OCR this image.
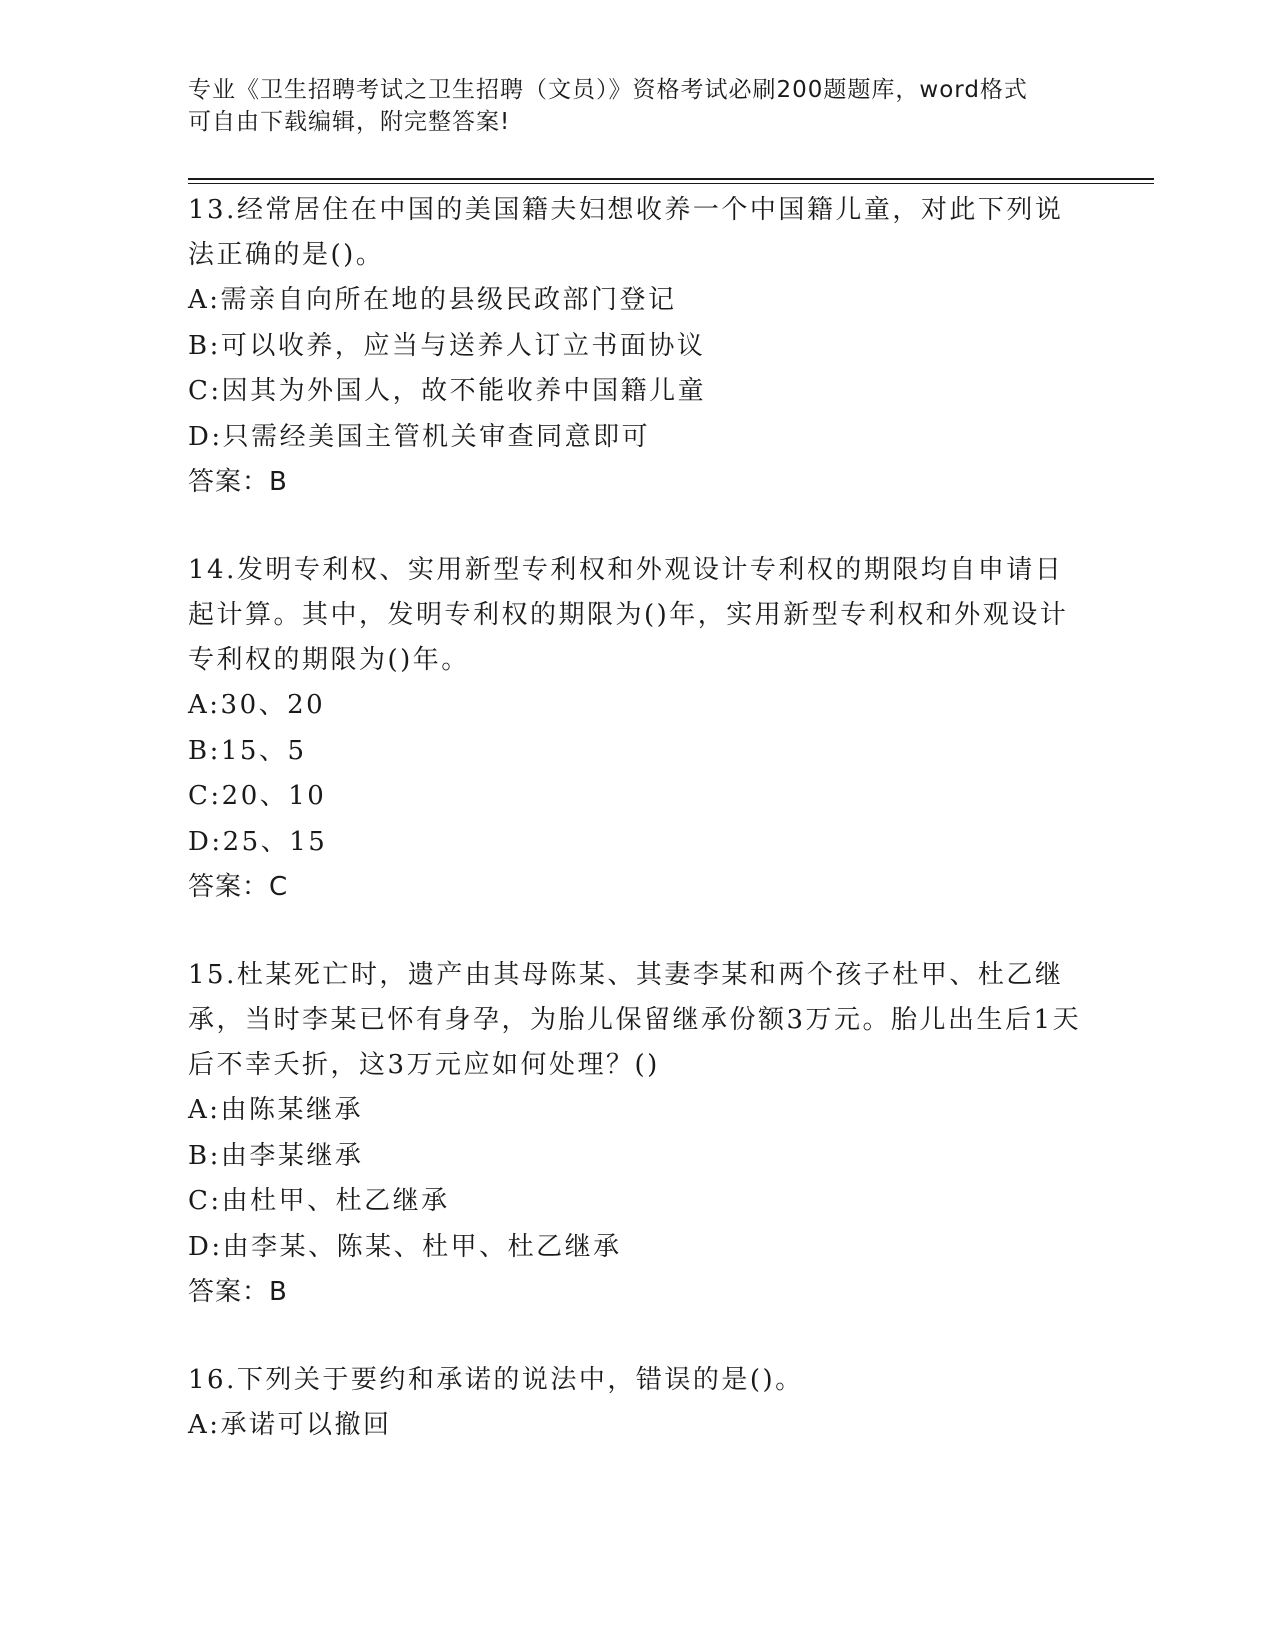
专业《卫生招聘考试之卫生招聘（文员）》资格考试必刷200题题库，word格式
可自由下载编辑，附完整答案!

13.经常居住在中国的美国籍夫妇想收养一个中国籍儿童，对此下列说法正确的是()。

A:需亲自向所在地的县级民政部门登记

B:可以收养，应当与送养人订立书面协议

C:因其为外国人，故不能收养中国籍儿童

D:只需经美国主管机关审查同意即可

答案：B

14.发明专利权、实用新型专利权和外观设计专利权的期限均自申请日起计算。其中，发明专利权的期限为()年，实用新型专利权和外观设计专利权的期限为()年。

A:30、20

B:15、5

C:20、10

D:25、15

答案：C

15.杜某死亡时，遗产由其母陈某、其妻李某和两个孩子杜甲、杜乙继承，当时李某已怀有身孕，为胎儿保留继承份额3万元。胎儿出生后1天后不幸夭折，这3万元应如何处理？()

A:由陈某继承

B:由李某继承

C:由杜甲、杜乙继承

D:由李某、陈某、杜甲、杜乙继承

答案：B

16.下列关于要约和承诺的说法中，错误的是()。

A:承诺可以撤回
